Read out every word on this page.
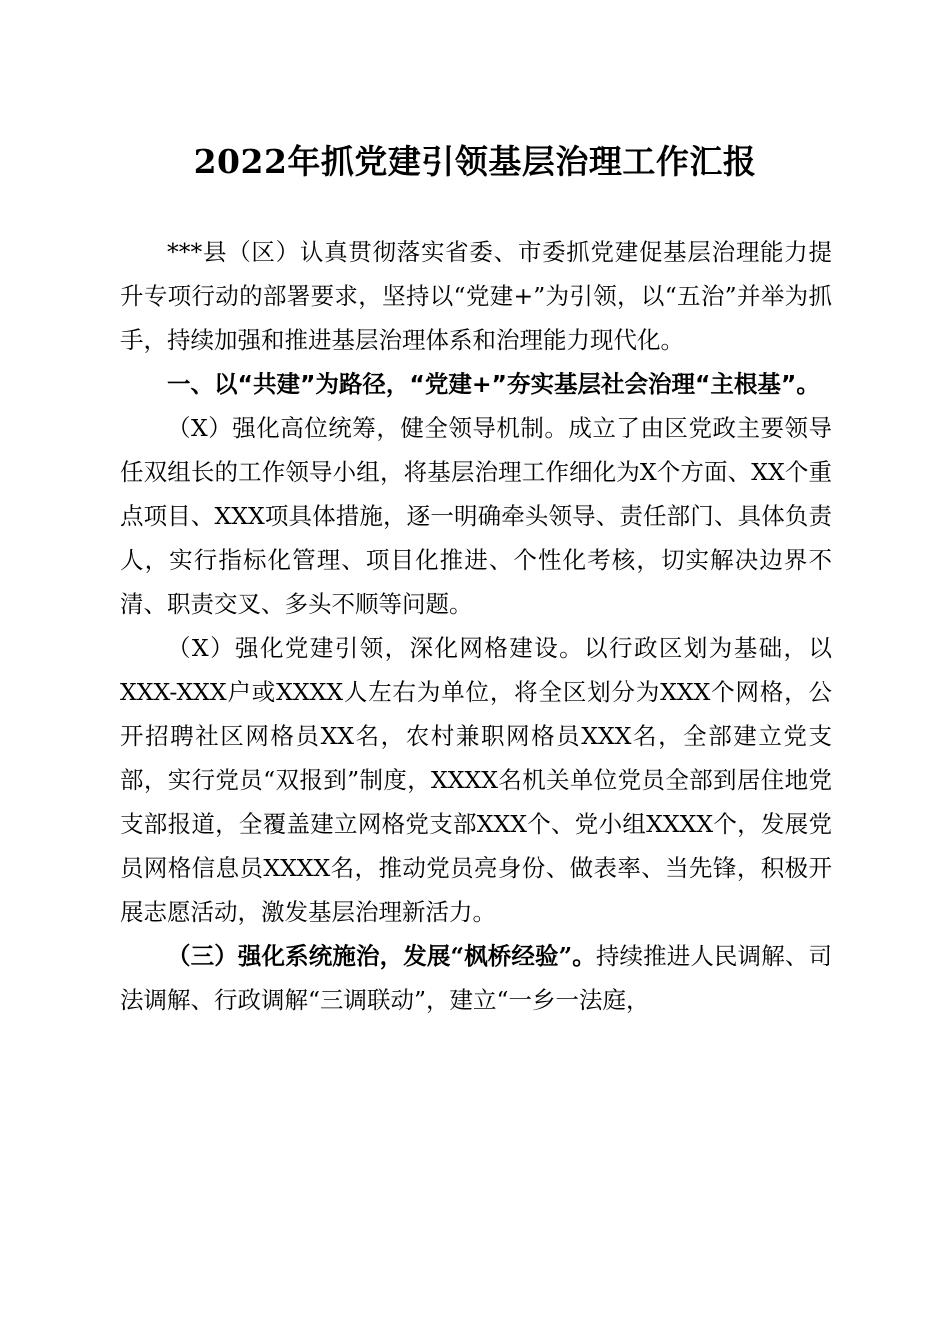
2022年抓党建引领基层治理工作汇报

***县（区）认真贯彻落实省委、市委抓党建促基层治理能力提升专项行动的部署要求，坚持以“党建+”为引领，以“五治”并举为抓手，持续加强和推进基层治理体系和治理能力现代化。

一、以“共建”为路径，“党建+”夯实基层社会治理“主根基”。

（X）强化高位统筹，健全领导机制。成立了由区党政主要领导任双组长的工作领导小组，将基层治理工作细化为X个方面、XX个重点项目、XXX项具体措施，逐一明确牵头领导、责任部门、具体负责人，实行指标化管理、项目化推进、个性化考核，切实解决边界不清、职责交叉、多头不顺等问题。

（X）强化党建引领，深化网格建设。以行政区划为基础，以XXX-XXX户或XXXX人左右为单位，将全区划分为XXX个网格，公开招聘社区网格员XX名，农村兼职网格员XXX名，全部建立党支部，实行党员“双报到”制度，XXXX名机关单位党员全部到居住地党支部报道，全覆盖建立网格党支部XXX个、党小组XXXX个，发展党员网格信息员XXXX名，推动党员亮身份、做表率、当先锋，积极开展志愿活动，激发基层治理新活力。

（三）强化系统施治，发展“枫桥经验”。持续推进人民调解、司法调解、行政调解“三调联动”，建立“一乡一法庭，
